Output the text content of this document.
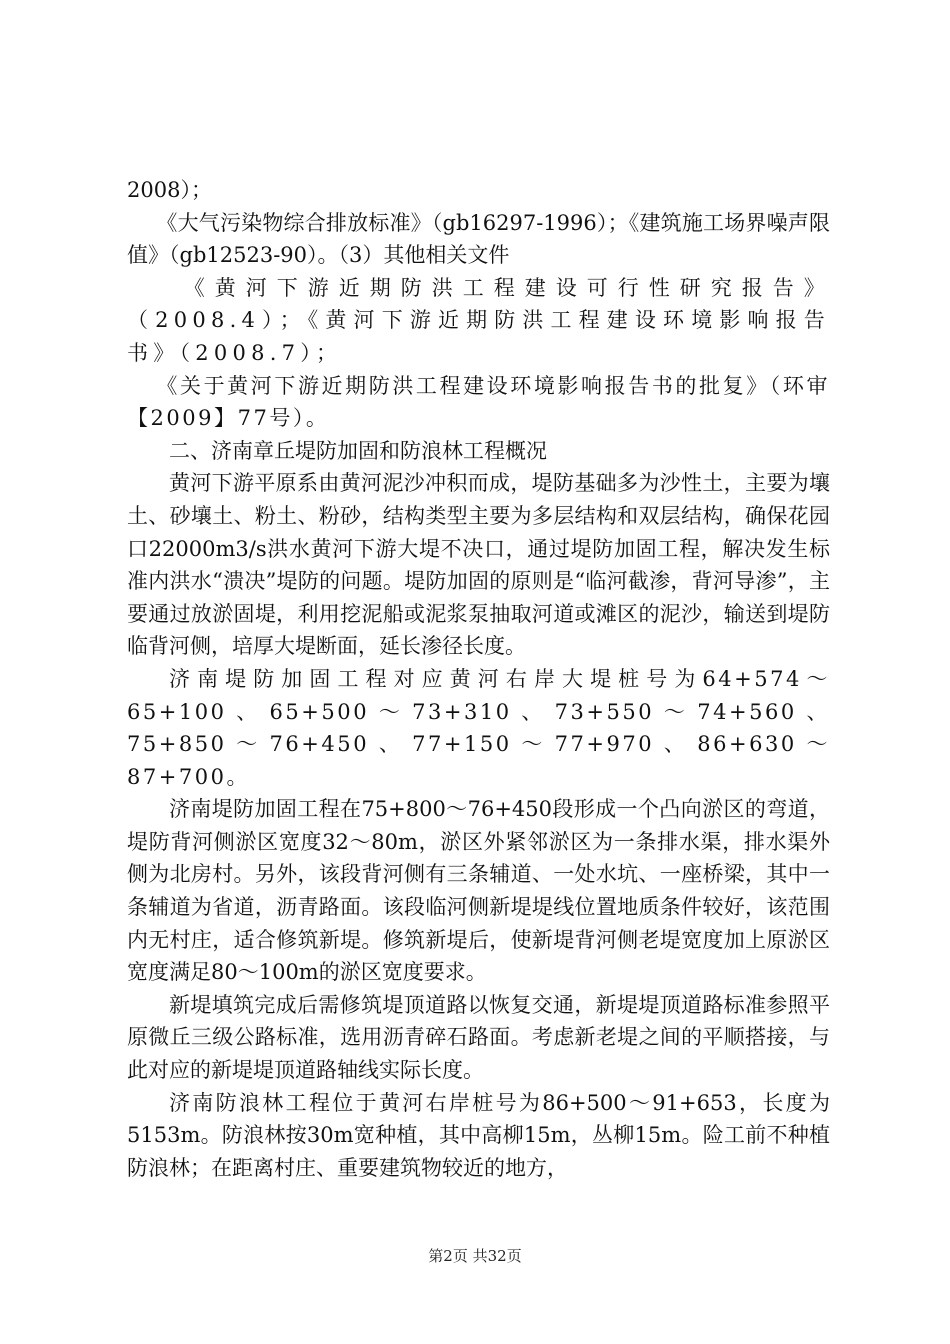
2008）；

《大气污染物综合排放标准》（gb16297-1996）；《建筑施工场界噪声限值》（gb12523-90）。（3）其他相关文件

《黄河下游近期防洪工程建设可行性研究报告》（2008.4）；《黄河下游近期防洪工程建设环境影响报告书》（2008.7）；

《关于黄河下游近期防洪工程建设环境影响报告书的批复》（环审【2009】77号）。

二、济南章丘堤防加固和防浪林工程概况

黄河下游平原系由黄河泥沙冲积而成，堤防基础多为沙性土，主要为壤土、砂壤土、粉土、粉砂，结构类型主要为多层结构和双层结构，确保花园口22000m3/s洪水黄河下游大堤不决口，通过堤防加固工程，解决发生标准内洪水“溃决”堤防的问题。堤防加固的原则是“临河截渗，背河导渗”，主要通过放淤固堤，利用挖泥船或泥浆泵抽取河道或滩区的泥沙，输送到堤防临背河侧，培厚大堤断面，延长渗径长度。

济南堤防加固工程对应黄河右岸大堤桩号为64+574～65+100、65+500～73+310、73+550～74+560、75+850～76+450、77+150～77+970、86+630～87+700。

济南堤防加固工程在75+800～76+450段形成一个凸向淤区的弯道，堤防背河侧淤区宽度32～80m，淤区外紧邻淤区为一条排水渠，排水渠外侧为北房村。另外，该段背河侧有三条辅道、一处水坑、一座桥梁，其中一条辅道为省道，沥青路面。该段临河侧新堤堤线位置地质条件较好，该范围内无村庄，适合修筑新堤。修筑新堤后，使新堤背河侧老堤宽度加上原淤区宽度满足80～100m的淤区宽度要求。

新堤填筑完成后需修筑堤顶道路以恢复交通，新堤堤顶道路标准参照平原微丘三级公路标准，选用沥青碎石路面。考虑新老堤之间的平顺搭接，与此对应的新堤堤顶道路轴线实际长度。

济南防浪林工程位于黄河右岸桩号为86+500～91+653，长度为5153m。防浪林按30m宽种植，其中高柳15m，丛柳15m。险工前不种植防浪林；在距离村庄、重要建筑物较近的地方，

第2页 共32页
